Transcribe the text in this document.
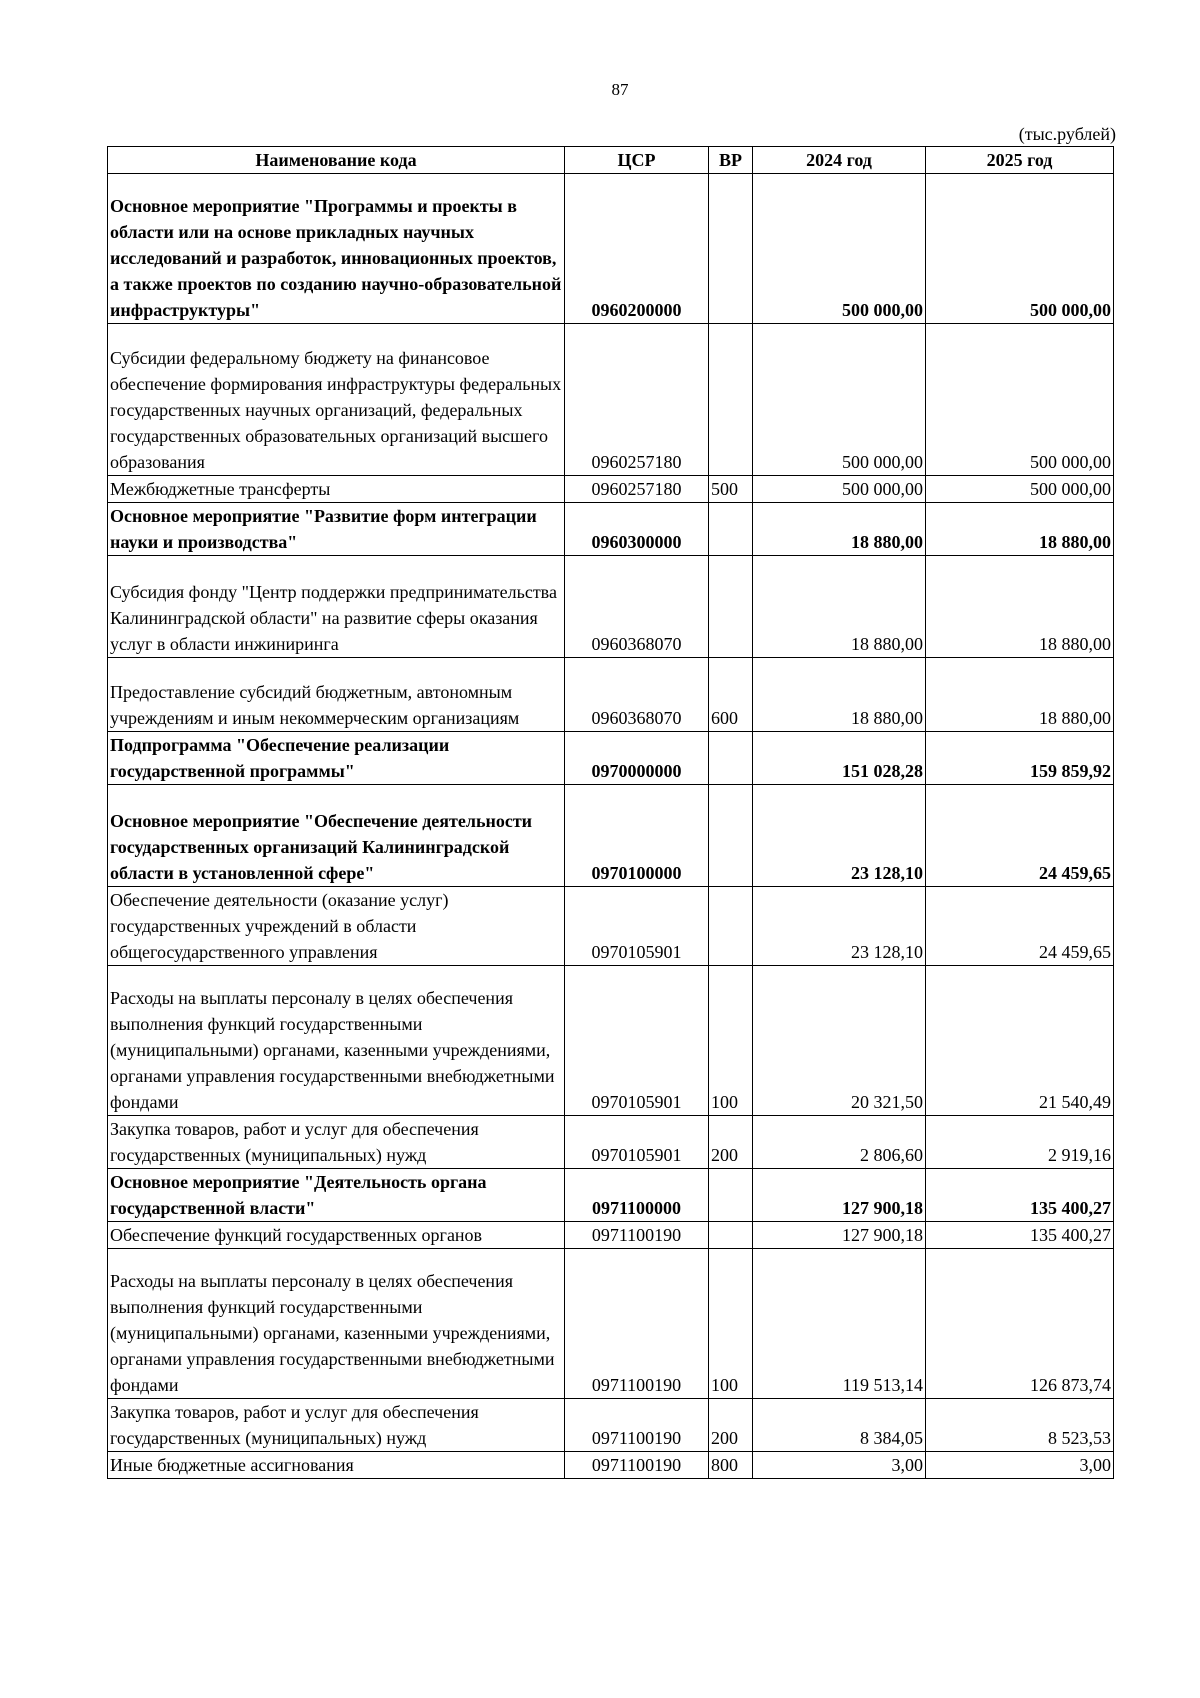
87
(тыс.рублей)
Наименование кода	ЦСР	ВР	2024 год	2025 год
Основное мероприятие "Программы и проекты в области или на основе прикладных научных исследований и разработок, инновационных проектов, а также проектов по созданию научно-образовательной инфраструктуры"	0960200000		500 000,00	500 000,00
Субсидии федеральному бюджету на финансовое обеспечение формирования инфраструктуры федеральных государственных научных организаций, федеральных государственных образовательных организаций высшего образования	0960257180		500 000,00	500 000,00
Межбюджетные трансферты	0960257180	500	500 000,00	500 000,00
Основное мероприятие "Развитие форм интеграции науки и производства"	0960300000		18 880,00	18 880,00
Субсидия фонду "Центр поддержки предпринимательства Калининградской области" на развитие сферы оказания услуг в области инжиниринга	0960368070		18 880,00	18 880,00
Предоставление субсидий бюджетным, автономным учреждениям и иным некоммерческим организациям	0960368070	600	18 880,00	18 880,00
Подпрограмма "Обеспечение реализации государственной программы"	0970000000		151 028,28	159 859,92
Основное мероприятие "Обеспечение деятельности государственных организаций Калининградской области в установленной сфере"	0970100000		23 128,10	24 459,65
Обеспечение деятельности (оказание услуг) государственных учреждений в области общегосударственного управления	0970105901		23 128,10	24 459,65
Расходы на выплаты персоналу в целях обеспечения выполнения функций государственными (муниципальными) органами, казенными учреждениями, органами управления государственными внебюджетными фондами	0970105901	100	20 321,50	21 540,49
Закупка товаров, работ и услуг для обеспечения государственных (муниципальных) нужд	0970105901	200	2 806,60	2 919,16
Основное мероприятие "Деятельность органа государственной власти"	0971100000		127 900,18	135 400,27
Обеспечение функций государственных органов	0971100190		127 900,18	135 400,27
Расходы на выплаты персоналу в целях обеспечения выполнения функций государственными (муниципальными) органами, казенными учреждениями, органами управления государственными внебюджетными фондами	0971100190	100	119 513,14	126 873,74
Закупка товаров, работ и услуг для обеспечения государственных (муниципальных) нужд	0971100190	200	8 384,05	8 523,53
Иные бюджетные ассигнования	0971100190	800	3,00	3,00
